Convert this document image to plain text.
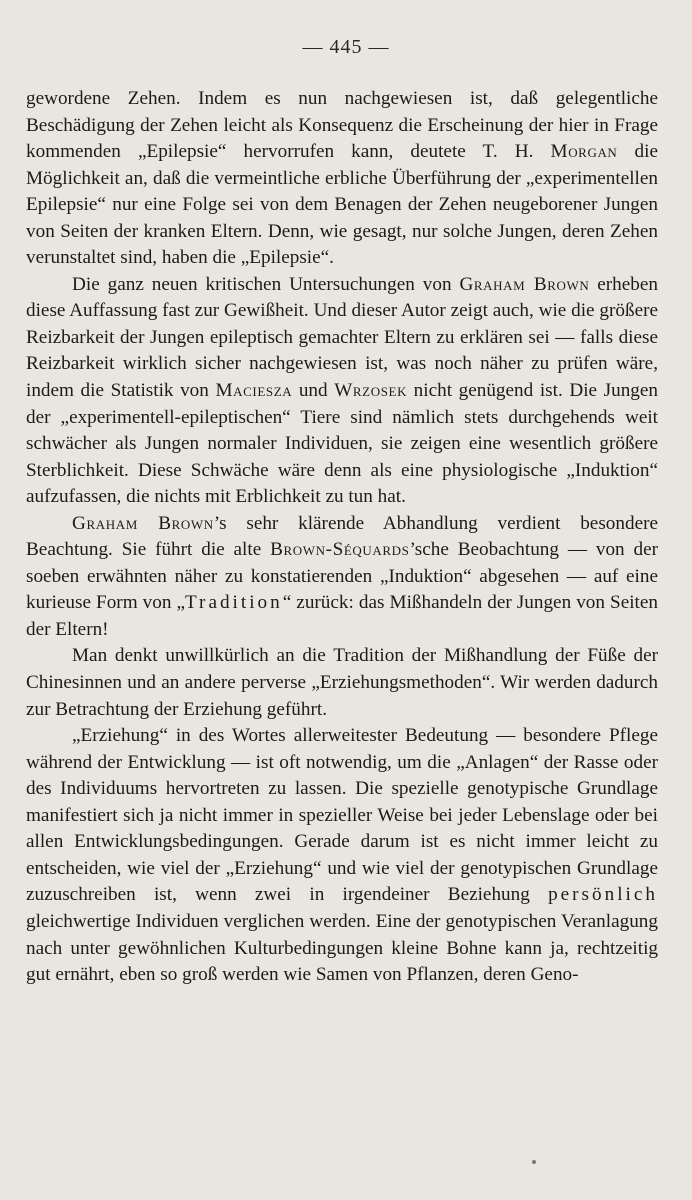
— 445 —

gewordene Zehen. Indem es nun nachgewiesen ist, daß gelegentliche Beschädigung der Zehen leicht als Konsequenz die Erscheinung der hier in Frage kommenden „Epilepsie“ hervorrufen kann, deutete T. H. Morgan die Möglichkeit an, daß die vermeintliche erbliche Überführung der „experimentellen Epilepsie“ nur eine Folge sei von dem Benagen der Zehen neugeborener Jungen von Seiten der kranken Eltern. Denn, wie gesagt, nur solche Jungen, deren Zehen verunstaltet sind, haben die „Epilepsie“.

Die ganz neuen kritischen Untersuchungen von Graham Brown erheben diese Auffassung fast zur Gewißheit. Und dieser Autor zeigt auch, wie die größere Reizbarkeit der Jungen epileptisch gemachter Eltern zu erklären sei — falls diese Reizbarkeit wirklich sicher nachgewiesen ist, was noch näher zu prüfen wäre, indem die Statistik von Maciesza und Wrzosek nicht genügend ist. Die Jungen der „experimentell-epileptischen“ Tiere sind nämlich stets durchgehends weit schwächer als Jungen normaler Individuen, sie zeigen eine wesentlich größere Sterblichkeit. Diese Schwäche wäre denn als eine physiologische „Induktion“ aufzufassen, die nichts mit Erblichkeit zu tun hat.

Graham Brown’s sehr klärende Abhandlung verdient besondere Beachtung. Sie führt die alte Brown-Séquards’sche Beobachtung — von der soeben erwähnten näher zu konstatierenden „Induktion“ abgesehen — auf eine kurieuse Form von „Tradition“ zurück: das Mißhandeln der Jungen von Seiten der Eltern!

Man denkt unwillkürlich an die Tradition der Mißhandlung der Füße der Chinesinnen und an andere perverse „Erziehungsmethoden“. Wir werden dadurch zur Betrachtung der Erziehung geführt.

„Erziehung“ in des Wortes allerweitester Bedeutung — besondere Pflege während der Entwicklung — ist oft notwendig, um die „Anlagen“ der Rasse oder des Individuums hervortreten zu lassen. Die spezielle genotypische Grundlage manifestiert sich ja nicht immer in spezieller Weise bei jeder Lebenslage oder bei allen Entwicklungsbedingungen. Gerade darum ist es nicht immer leicht zu entscheiden, wie viel der „Erziehung“ und wie viel der genotypischen Grundlage zuzuschreiben ist, wenn zwei in irgendeiner Beziehung persönlich gleichwertige Individuen verglichen werden. Eine der genotypischen Veranlagung nach unter gewöhnlichen Kulturbedingungen kleine Bohne kann ja, rechtzeitig gut ernährt, eben so groß werden wie Samen von Pflanzen, deren Geno-
